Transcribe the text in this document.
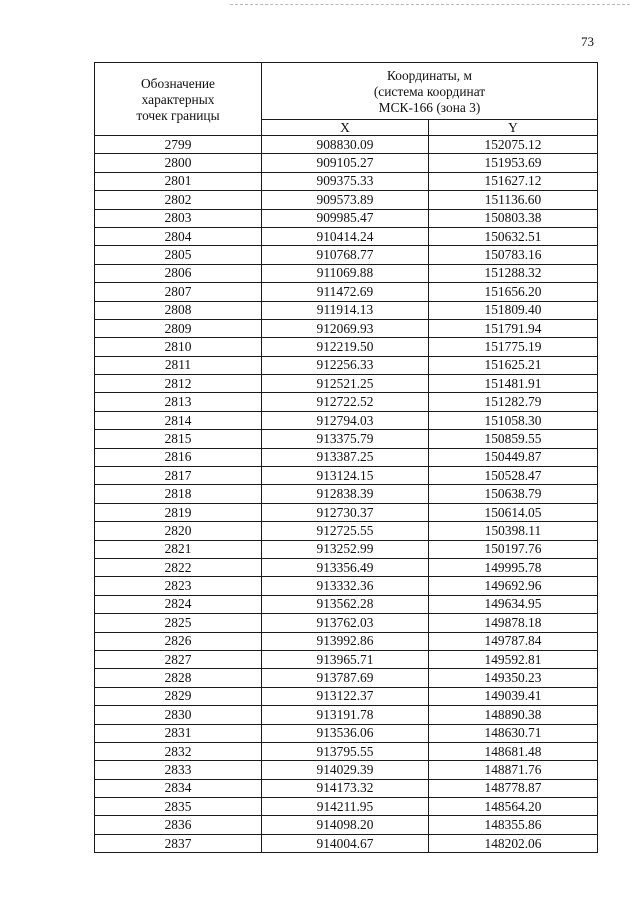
73
Обозначение
характерных
точек границы	Координаты, м
(система координат
МСК-166 (зона 3)	

	X	Y
2799	908830.09	152075.12
2800	909105.27	151953.69
2801	909375.33	151627.12
2802	909573.89	151136.60
2803	909985.47	150803.38
2804	910414.24	150632.51
2805	910768.77	150783.16
2806	911069.88	151288.32
2807	911472.69	151656.20
2808	911914.13	151809.40
2809	912069.93	151791.94
2810	912219.50	151775.19
2811	912256.33	151625.21
2812	912521.25	151481.91
2813	912722.52	151282.79
2814	912794.03	151058.30
2815	913375.79	150859.55
2816	913387.25	150449.87
2817	913124.15	150528.47
2818	912838.39	150638.79
2819	912730.37	150614.05
2820	912725.55	150398.11
2821	913252.99	150197.76
2822	913356.49	149995.78
2823	913332.36	149692.96
2824	913562.28	149634.95
2825	913762.03	149878.18
2826	913992.86	149787.84
2827	913965.71	149592.81
2828	913787.69	149350.23
2829	913122.37	149039.41
2830	913191.78	148890.38
2831	913536.06	148630.71
2832	913795.55	148681.48
2833	914029.39	148871.76
2834	914173.32	148778.87
2835	914211.95	148564.20
2836	914098.20	148355.86
2837	914004.67	148202.06
